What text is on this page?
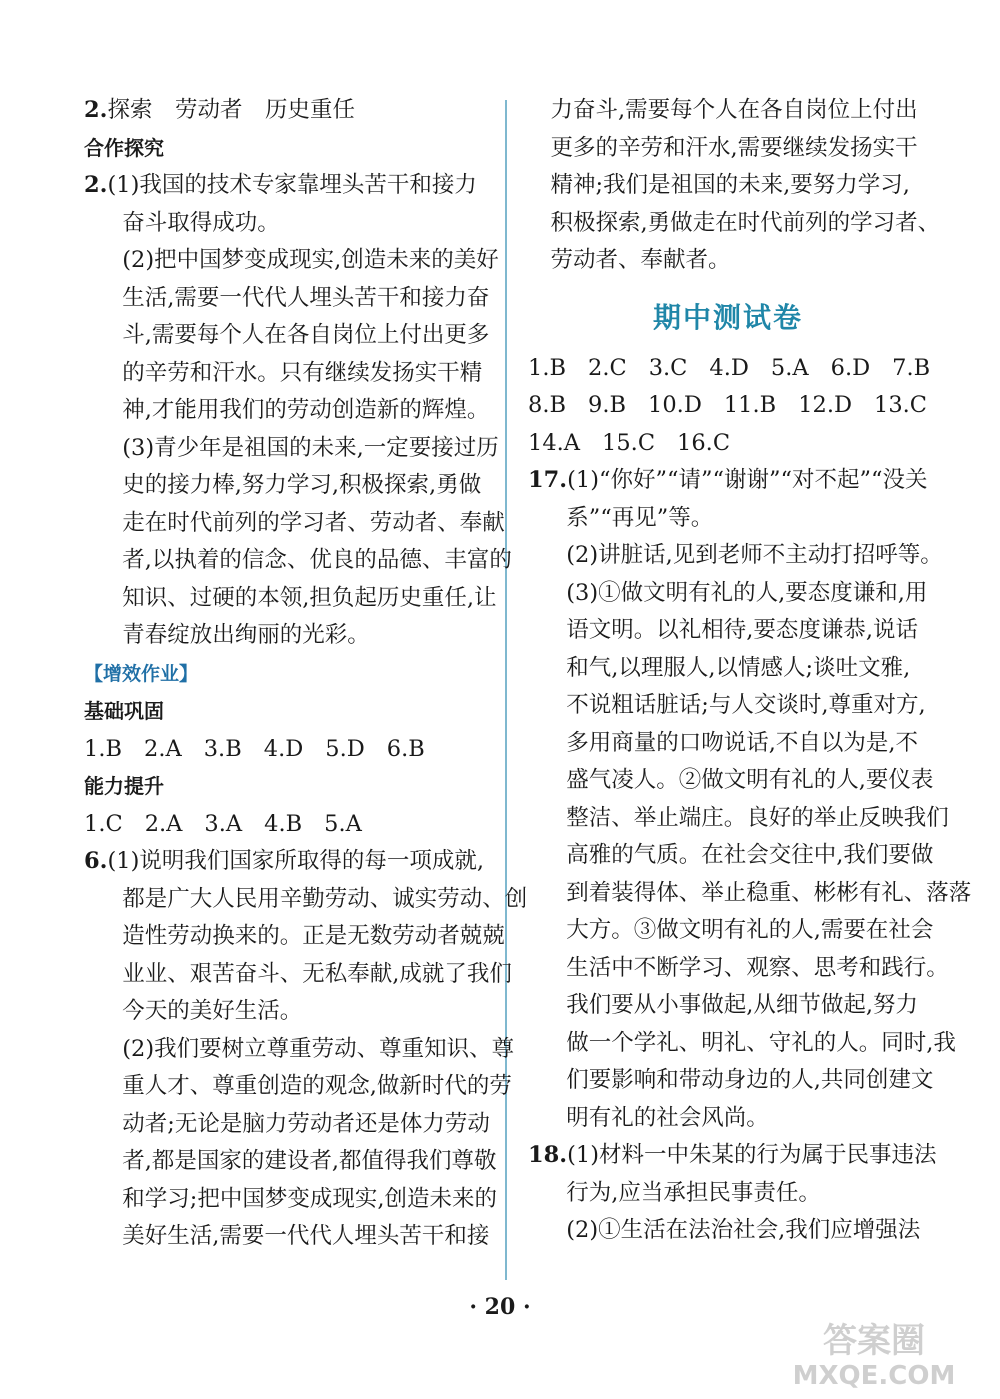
2.探索　劳动者　历史重任
合作探究
2.(1)我国的技术专家靠埋头苦干和接力
奋斗取得成功。
(2)把中国梦变成现实,创造未来的美好
生活,需要一代代人埋头苦干和接力奋
斗,需要每个人在各自岗位上付出更多
的辛劳和汗水。只有继续发扬实干精
神,才能用我们的劳动创造新的辉煌。
(3)青少年是祖国的未来,一定要接过历
史的接力棒,努力学习,积极探索,勇做
走在时代前列的学习者、劳动者、奉献
者,以执着的信念、优良的品德、丰富的
知识、过硬的本领,担负起历史重任,让
青春绽放出绚丽的光彩。
【增效作业】
基础巩固
1.B 2.A 3.B 4.D 5.D 6.B
能力提升
1.C 2.A 3.A 4.B 5.A
6.(1)说明我们国家所取得的每一项成就,
都是广大人民用辛勤劳动、诚实劳动、创
造性劳动换来的。正是无数劳动者兢兢
业业、艰苦奋斗、无私奉献,成就了我们
今天的美好生活。
(2)我们要树立尊重劳动、尊重知识、尊
重人才、尊重创造的观念,做新时代的劳
动者;无论是脑力劳动者还是体力劳动
者,都是国家的建设者,都值得我们尊敬
和学习;把中国梦变成现实,创造未来的
美好生活,需要一代代人埋头苦干和接
力奋斗,需要每个人在各自岗位上付出
更多的辛劳和汗水,需要继续发扬实干
精神;我们是祖国的未来,要努力学习,
积极探索,勇做走在时代前列的学习者、
劳动者、奉献者。
期中测试卷
1.B 2.C 3.C 4.D 5.A 6.D 7.B
8.B 9.B 10.D 11.B 12.D 13.C
14.A 15.C 16.C
17.(1)“你好”“请”“谢谢”“对不起”“没关
系”“再见”等。
(2)讲脏话,见到老师不主动打招呼等。
(3)①做文明有礼的人,要态度谦和,用
语文明。以礼相待,要态度谦恭,说话
和气,以理服人,以情感人;谈吐文雅,
不说粗话脏话;与人交谈时,尊重对方,
多用商量的口吻说话,不自以为是,不
盛气凌人。②做文明有礼的人,要仪表
整洁、举止端庄。良好的举止反映我们
高雅的气质。在社会交往中,我们要做
到着装得体、举止稳重、彬彬有礼、落落
大方。③做文明有礼的人,需要在社会
生活中不断学习、观察、思考和践行。
我们要从小事做起,从细节做起,努力
做一个学礼、明礼、守礼的人。同时,我
们要影响和带动身边的人,共同创建文
明有礼的社会风尚。
18.(1)材料一中朱某的行为属于民事违法
行为,应当承担民事责任。
(2)①生活在法治社会,我们应增强法
· 20 ·
答案圈
MXQE.COM
